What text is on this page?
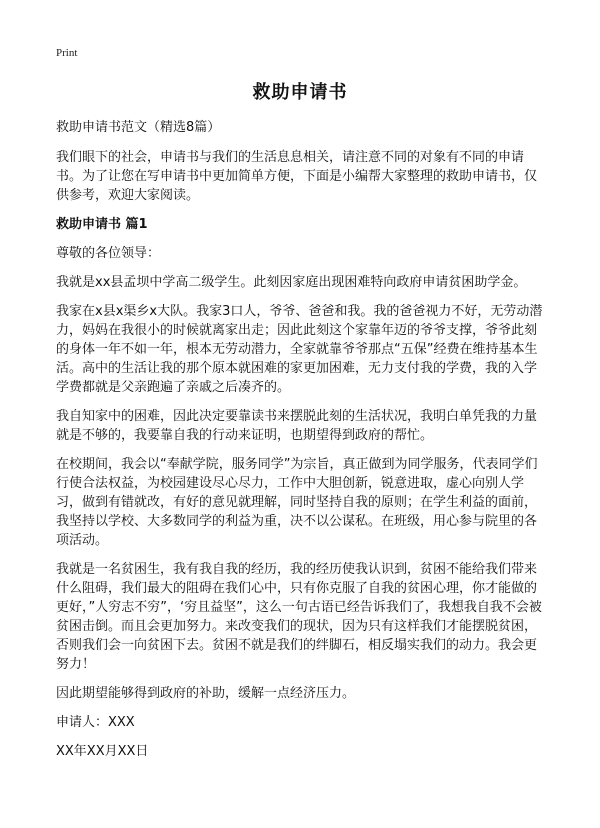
Print
救助申请书

救助申请书范文（精选8篇）

我们眼下的社会，申请书与我们的生活息息相关，请注意不同的对象有不同的申请书。为了让您在写申请书中更加简单方便，下面是小编帮大家整理的救助申请书，仅供参考，欢迎大家阅读。

救助申请书 篇1

尊敬的各位领导：

我就是xx县孟坝中学高二级学生。此刻因家庭出现困难特向政府申请贫困助学金。

我家在x县x渠乡x大队。我家3口人，爷爷、爸爸和我。我的爸爸视力不好，无劳动潜力，妈妈在我很小的时候就离家出走；因此此刻这个家靠年迈的爷爷支撑，爷爷此刻的身体一年不如一年，根本无劳动潜力，全家就靠爷爷那点“五保”经费在维持基本生活。高中的生活让我的那个原本就困难的家更加困难，无力支付我的学费，我的入学学费都就是父亲跑遍了亲戚之后凑齐的。

我自知家中的困难，因此决定要靠读书来摆脱此刻的生活状况，我明白单凭我的力量就是不够的，我要靠自我的行动来证明，也期望得到政府的帮忙。

在校期间，我会以“奉献学院，服务同学”为宗旨，真正做到为同学服务，代表同学们行使合法权益，为校园建设尽心尽力，工作中大胆创新，锐意进取，虚心向别人学习，做到有错就改，有好的意见就理解，同时坚持自我的原则；在学生利益的面前，我坚持以学校、大多数同学的利益为重，决不以公谋私。在班级，用心参与院里的各项活动。

我就是一名贫困生，我有我自我的经历，我的经历使我认识到，贫困不能给我们带来什么阻碍，我们最大的阻碍在我们心中，只有你克服了自我的贫困心理，你才能做的更好，”人穷志不穷”，‘穷且益坚”，这么一句古语已经告诉我们了，我想我自我不会被贫困击倒。而且会更加努力。来改变我们的现状，因为只有这样我们才能摆脱贫困，否则我们会一向贫困下去。贫困不就是我们的绊脚石，相反塌实我们的动力。我会更努力！

因此期望能够得到政府的补助，缓解一点经济压力。

申请人：XXX

XX年XX月XX日
